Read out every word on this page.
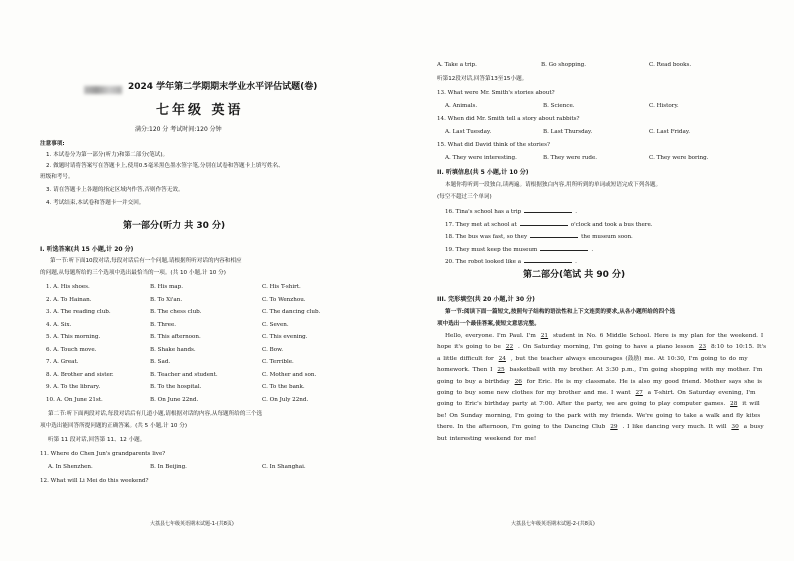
2024 学年第二学期期末学业水平评估试题(卷)
七年级 英语
满分:120 分 考试时间:120 分钟
注意事项:
1. 本试卷分为第一部分(听力)和第二部分(笔试)。
2. 做题时请将答案写在答题卡上,使用0.5毫米黑色墨水签字笔,分别在试卷和答题卡上填写姓名、
班级和考号。
3. 请在答题卡上各题的指定区域内作答,否则作答无效。
4. 考试结束,本试卷和答题卡一并交回。
第一部分(听力 共 30 分)
I. 听选答案(共 15 小题,计 20 分)
第一节:听下面10段对话,每段对话后有一个问题,请根据所听对话的内容和相应
的问题,从每题所给的三个选项中选出最恰当的一项。(共 10 小题,计 10 分)
1. A. His shoes.	B. His map.	C. His T-shirt.
2. A. To Hainan.	B. To Xi'an.	C. To Wenzhou.
3. A. The reading club.	B. The chess club.	C. The dancing club.
4. A. Six.	B. Three.	C. Seven.
5. A. This morning.	B. This afternoon.	C. This evening.
6. A. Touch move.	B. Shake hands.	C. Bow.
7. A. Great.	B. Sad.	C. Terrible.
8. A. Brother and sister.	B. Teacher and student.	C. Mother and son.
9. A. To the library.	B. To the hospital.	C. To the bank.
10. A. On June 21st.	B. On June 22nd.	C. On July 22nd.
第二节:听下面两段对话,每段对话后有几道小题,请根据对话的内容,从每题所给的三个选
项中选出能回答所提问题的正确答案。(共 5 小题,计 10 分)
听第 11 段对话,回答第 11、12 小题。
11. Where do Chen Jun's grandparents live?
A. In Shenzhen.	B. In Beijing.	C. In Shanghai.
12. What will Li Mei do this weekend?
大荔县七年级英语期末试题-1-(共8页)
A. Take a trip.	B. Go shopping.	C. Read books.
听第12段对话,回答第13至15小题。
13. What were Mr. Smith's stories about?
A. Animals.	B. Science.	C. History.
14. When did Mr. Smith tell a story about rabbits?
A. Last Tuesday.	B. Last Thursday.	C. Last Friday.
15. What did David think of the stories?
A. They were interesting.	B. They were rude.	C. They were boring.
II. 听填信息(共 5 小题,计 10 分)
本题你将听到一段独白,读两遍。请根据独白内容,用所听到的单词或短语完成下列各题。
(每空不超过三个单词)
16. Tina's school has a trip	.
17. They met at school at	o'clock and took a bus there.
18. The bus was fast, so they	the museum soon.
19. They must keep the museum	.
20. The robot looked like a	.
第二部分(笔试 共 90 分)
III. 完形填空(共 20 小题,计 30 分)
第一节:阅读下面一篇短文,按照句子结构的语法性和上下文连贯的要求,从各小题所给的四个选
项中选出一个最佳答案,使短文意思完整。
Hello, everyone. I'm Paul. I'm 21 student in No. 6 Middle School. Here is my plan for the weekend. I hope it's going to be 22 . On Saturday morning, I'm going to have a piano lesson 23 8:10 to 10:15. It's a little difficult for 24 , but the teacher always encourages (鼓励) me. At 10:30, I'm going to do my homework. Then I 25 basketball with my brother. At 3:30 p.m., I'm going shopping with my mother. I'm going to buy a birthday 26 for Eric. He is my classmate. He is also my good friend. Mother says she is going to buy some new clothes for my brother and me. I want 27 a T-shirt. On Saturday evening, I'm going to Eric's birthday party at 7:00. After the party, we are going to play computer games. 28 it will be! On Sunday morning, I'm going to the park with my friends. We're going to take a walk and fly kites there. In the afternoon, I'm going to the Dancing Club 29 . I like dancing very much. It will 30 a busy but interesting weekend for me!
大荔县七年级英语期末试题-2-(共8页)
